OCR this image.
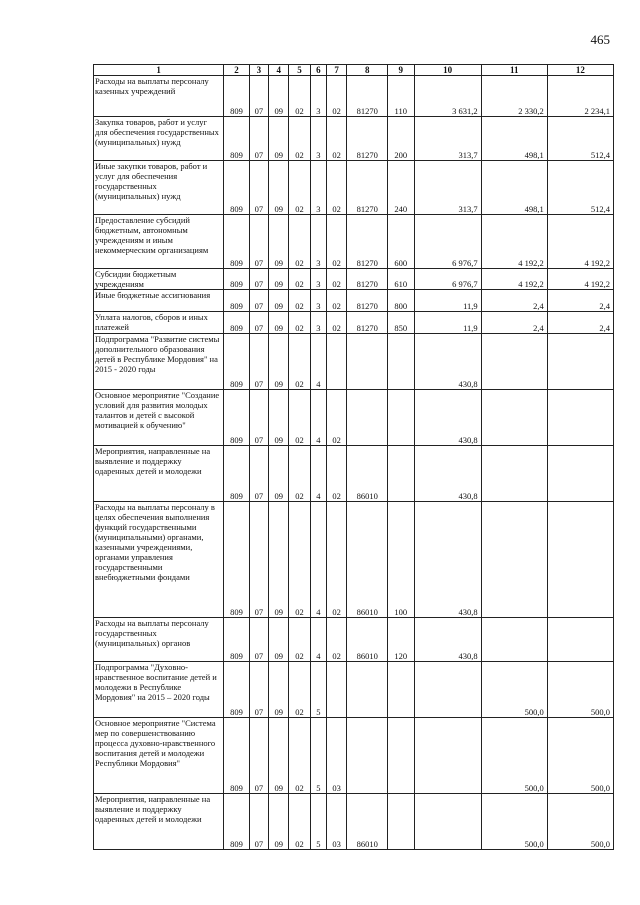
465
1	2	3	4	5	6	7	8	9	10	11	12
Расходы на выплаты персоналу казенных учреждений	809	07	09	02	3	02	81270	110	3 631,2	2 330,2	2 234,1
Закупка товаров, работ и услуг для обеспечения государственных (муниципальных) нужд	809	07	09	02	3	02	81270	200	313,7	498,1	512,4
Иные закупки товаров, работ и услуг для обеспечения государственных (муниципальных) нужд	809	07	09	02	3	02	81270	240	313,7	498,1	512,4
Предоставление субсидий бюджетным, автономным учреждениям и иным некоммерческим организациям	809	07	09	02	3	02	81270	600	6 976,7	4 192,2	4 192,2
Субсидии бюджетным учреждениям	809	07	09	02	3	02	81270	610	6 976,7	4 192,2	4 192,2
Иные бюджетные ассигнования	809	07	09	02	3	02	81270	800	11,9	2,4	2,4
Уплата налогов, сборов и иных платежей	809	07	09	02	3	02	81270	850	11,9	2,4	2,4
Подпрограмма "Развитие системы дополнительного образования детей в Республике Мордовия" на 2015 - 2020 годы	809	07	09	02	4				430,8		
Основное мероприятие "Создание условий для развития молодых талантов и детей с высокой мотивацией к обучению"	809	07	09	02	4	02			430,8		
Мероприятия, направленные на выявление и поддержку одаренных детей и молодежи	809	07	09	02	4	02	86010		430,8		
Расходы на выплаты персоналу в целях обеспечения выполнения функций государственными (муниципальными) органами, казенными учреждениями, органами управления государственными внебюджетными фондами	809	07	09	02	4	02	86010	100	430,8		
Расходы на выплаты персоналу государственных (муниципальных) органов	809	07	09	02	4	02	86010	120	430,8		
Подпрограмма "Духовно-нравственное воспитание детей и молодежи в Республике Мордовия" на 2015 – 2020 годы	809	07	09	02	5					500,0	500,0
Основное мероприятие "Система мер по совершенствованию процесса духовно-нравственного воспитания детей и молодежи Республики Мордовия"	809	07	09	02	5	03				500,0	500,0
Мероприятия, направленные на выявление и поддержку одаренных детей и молодежи	809	07	09	02	5	03	86010			500,0	500,0
